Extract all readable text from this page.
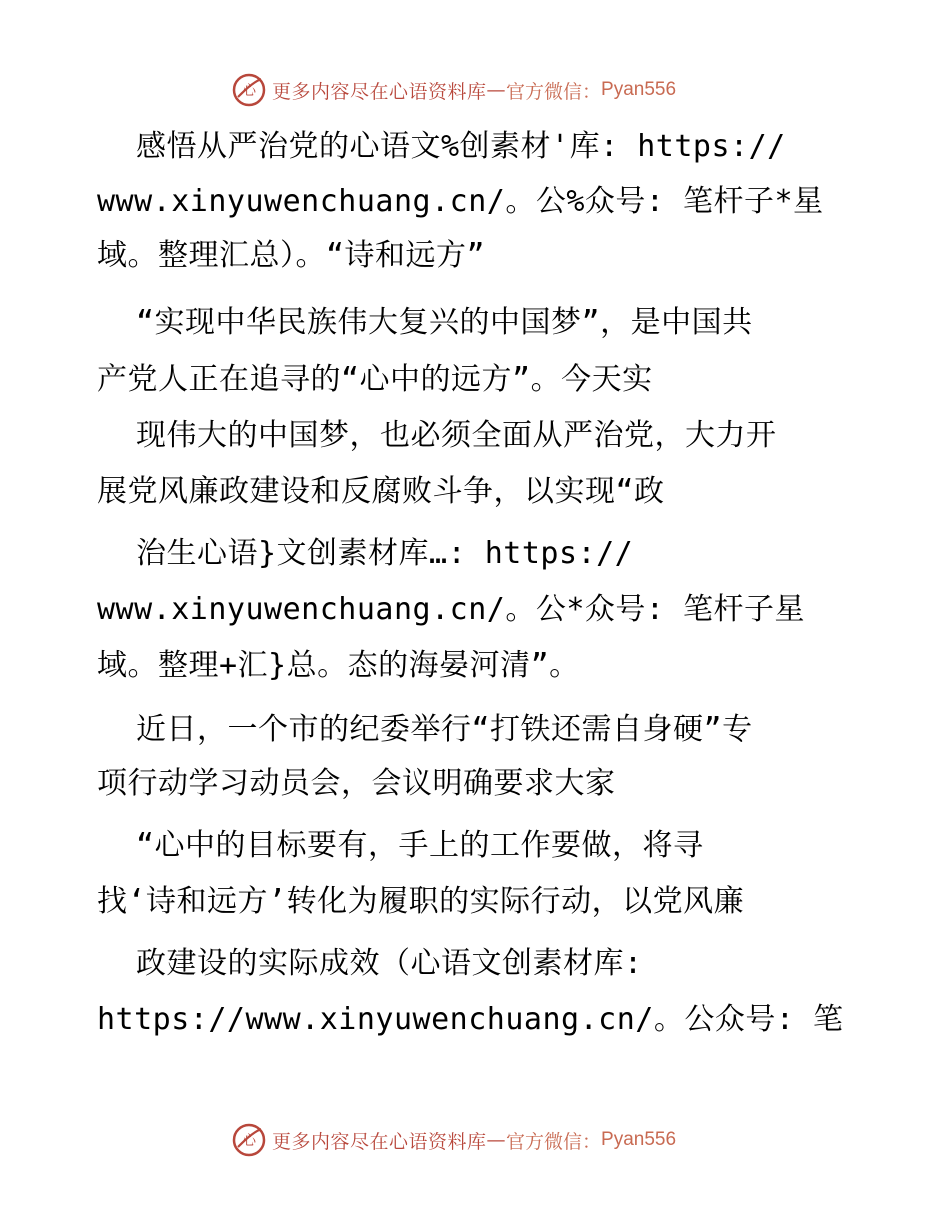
心 更多内容尽在心语资料库 — 官方微信： Pyan556
感悟从严治党的心语文%创素材'库: https://
www.xinyuwenchuang.cn/。公%众号: 笔杆子*星
域。整理汇总）。“诗和远方”
“实现中华民族伟大复兴的中国梦”，是中国共
产党人正在追寻的“心中的远方”。今天实
现伟大的中国梦，也必须全面从严治党，大力开
展党风廉政建设和反腐败斗争，以实现“政
治生心语}文创素材库…: https://
www.xinyuwenchuang.cn/。公*众号: 笔杆子星
域。整理+汇}总。态的海晏河清”。
近日，一个市的纪委举行“打铁还需自身硬”专
项行动学习动员会，会议明确要求大家
“心中的目标要有，手上的工作要做，将寻
找‘诗和远方’转化为履职的实际行动，以党风廉
政建设的实际成效（心语文创素材库:
https://www.xinyuwenchuang.cn/。公众号: 笔
心 更多内容尽在心语资料库 — 官方微信： Pyan556
